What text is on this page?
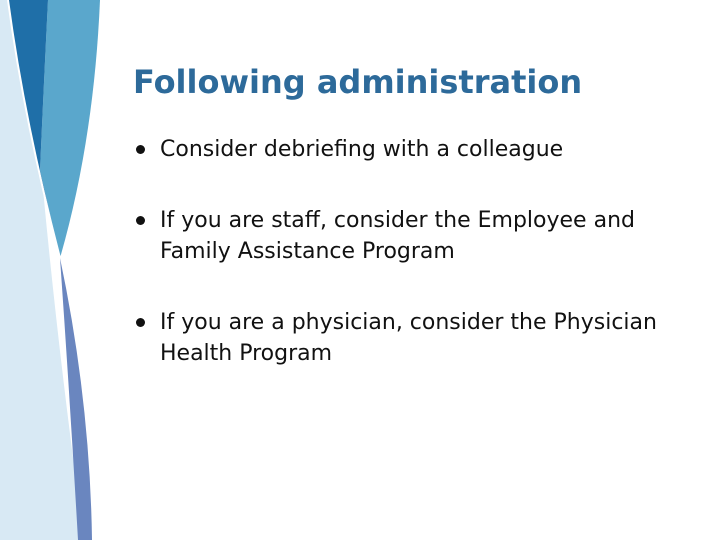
Following administration
Consider debriefing with a colleague
If you are staff, consider the Employee and Family Assistance Program
If you are a physician, consider the Physician Health Program
